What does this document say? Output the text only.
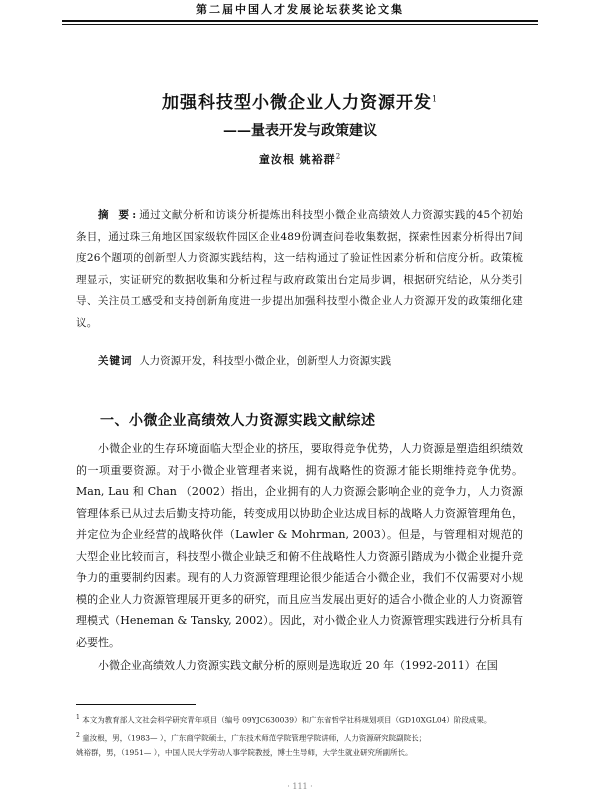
第二届中国人才发展论坛获奖论文集
加强科技型小微企业人力资源开发$^1$
——量表开发与政策建议
童汝根 姚裕群$^2$
摘 要:通过文献分析和访谈分析提炼出科技型小微企业高绩效人力资源实践的45个初始条目，通过珠三角地区国家级软件园区企业489份调查问卷收集数据，探索性因素分析得出7间度26个题项的创新型人力资源实践结构，这一结构通过了验证性因素分析和信度分析。政策梳理显示，实证研究的数据收集和分析过程与政府政策出台定局步调，根据研究结论，从分类引导、关注员工感受和支持创新角度进一步提出加强科技型小微企业人力资源开发的政策细化建议。
关键词 人力资源开发，科技型小微企业，创新型人力资源实践
一、小微企业高绩效人力资源实践文献综述

小微企业的生存环境面临大型企业的挤压，要取得竞争优势，人力资源是塑造组织绩效的一项重要资源。对于小微企业管理者来说，拥有战略性的资源才能长期维持竞争优势。Man, Lau 和 Chan （2002）指出，企业拥有的人力资源会影响企业的竞争力，人力资源管理体系已从过去后勤支持功能，转变成用以协助企业达成目标的战略人力资源管理角色，并定位为企业经营的战略伙伴（Lawler & Mohrman, 2003）。但是，与管理相对规范的大型企业比较而言，科技型小微企业缺乏和俯不住战略性人力资源引踏成为小微企业提升竞争力的重要制约因素。现有的人力资源管理理论很少能适合小微企业，我们不仅需要对小规模的企业人力资源管理展开更多的研究，而且应当发展出更好的适合小微企业的人力资源管理模式（Heneman & Tansky, 2002）。因此，对小微企业人力资源管理实践进行分析具有必要性。

小微企业高绩效人力资源实践文献分析的原则是选取近 20 年（1992-2011）在国

$^1$ 本文为教育部人文社会科学研究青年项目（编号 09YJC630039）和广东省哲学社科规划项目（GD10XGL04）阶段成果。
$^2$ 童汝根，男，（1983— ），广东商学院硕士，广东技术师范学院管理学院讲师，人力资源研究院副院长；
姚裕群，男，（1951— ），中国人民大学劳动人事学院教授，博士生导师，大学生就业研究所副所长。
· 111 ·
